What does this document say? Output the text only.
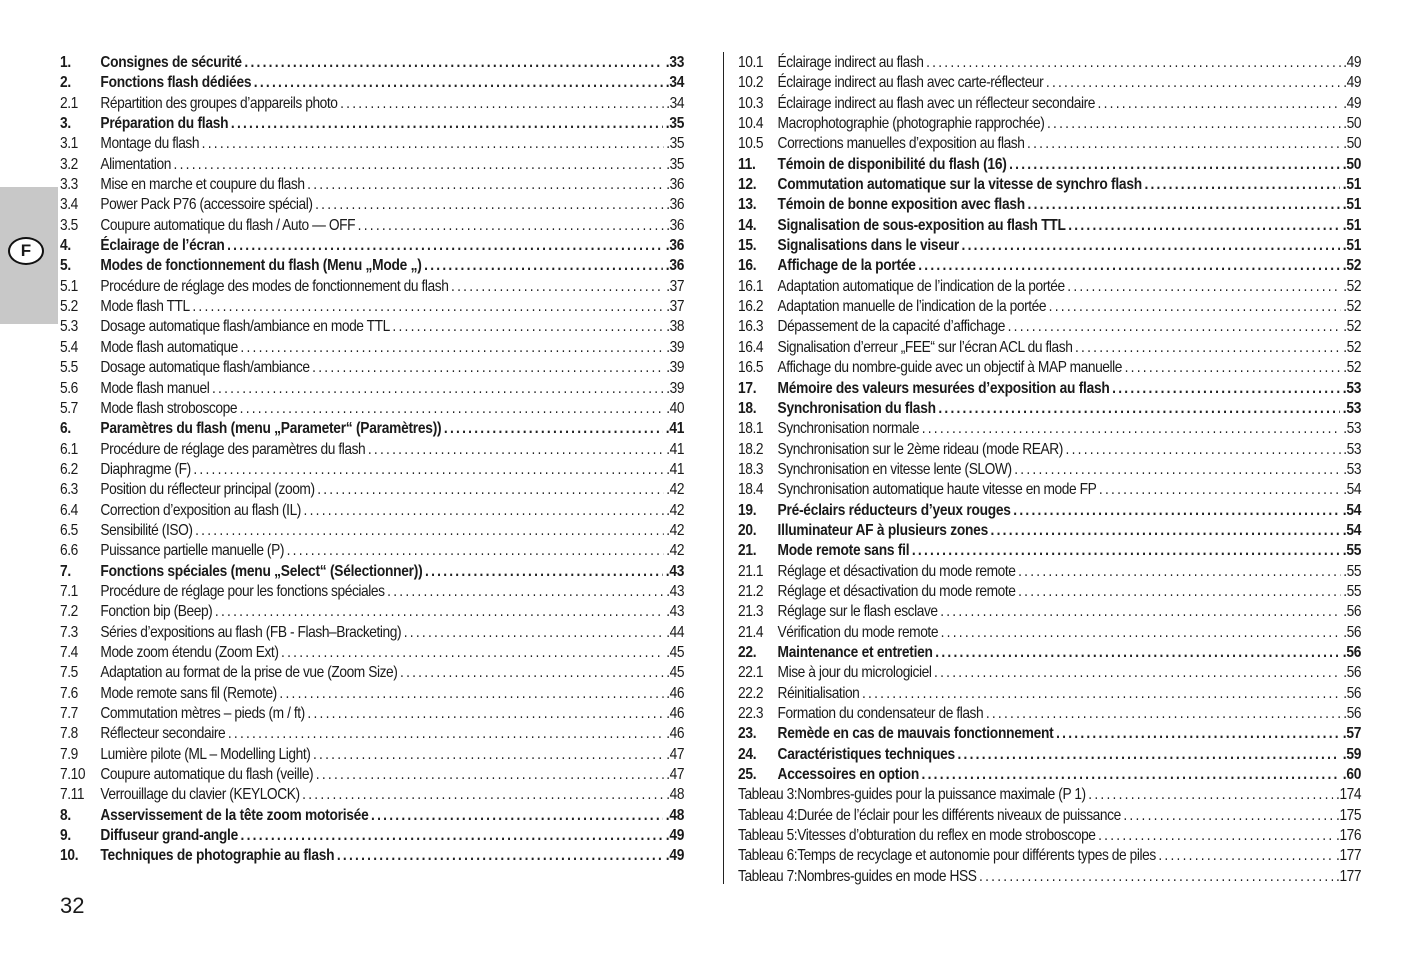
F
1.	Consignes de sécurité .....	.33
2.	Fonctions flash dédiées .....	.34
2.1	Répartition des groupes d’appareils photo .....	.34
3.	Préparation du flash .....	.35
3.1	Montage du flash .....	.35
3.2	Alimentation .....	.35
3.3	Mise en marche et coupure du flash .....	.36
3.4	Power Pack P76 (accessoire spécial) .....	.36
3.5	Coupure automatique du flash / Auto — OFF .....	.36
4.	Éclairage de l’écran .....	.36
5.	Modes de fonctionnement du flash (Menu „Mode „) .....	.36
5.1	Procédure de réglage des modes de fonctionnement du flash .....	.37
5.2	Mode flash TTL .....	.37
5.3	Dosage automatique flash/ambiance en mode TTL .....	.38
5.4	Mode flash automatique .....	.39
5.5	Dosage automatique flash/ambiance .....	.39
5.6	Mode flash manuel .....	.39
5.7	Mode flash stroboscope .....	.40
6.	Paramètres du flash (menu „Parameter“ (Paramètres)) .....	.41
6.1	Procédure de réglage des paramètres du flash .....	.41
6.2	Diaphragme (F) .....	.41
6.3	Position du réflecteur principal (zoom) .....	.42
6.4	Correction d’exposition au flash (IL) .....	.42
6.5	Sensibilité (ISO) .....	.42
6.6	Puissance partielle manuelle (P) .....	.42
7.	Fonctions spéciales (menu „Select“ (Sélectionner)) .....	.43
7.1	Procédure de réglage pour les fonctions spéciales .....	.43
7.2	Fonction bip (Beep) .....	.43
7.3	Séries d’expositions au flash (FB - Flash–Bracketing) .....	.44
7.4	Mode zoom étendu (Zoom Ext) .....	.45
7.5	Adaptation au format de la prise de vue (Zoom Size) .....	.45
7.6	Mode remote sans fil (Remote) .....	.46
7.7	Commutation mètres – pieds (m / ft) .....	.46
7.8	Réflecteur secondaire .....	.46
7.9	Lumière pilote (ML – Modelling Light) .....	.47
7.10 Coupure automatique du flash (veille) .....	.47
7.11	Verrouillage du clavier (KEYLOCK) .....	.48
8.	Asservissement de la tête zoom motorisée .....	.48
9.	Diffuseur grand-angle .....	.49
10.	Techniques de photographie au flash .....	.49
10.1 Éclairage indirect au flash .....	.49
10.2 Éclairage indirect au flash avec carte-réflecteur .....	.49
10.3 Éclairage indirect au flash avec un réflecteur secondaire .....	.49
10.4 Macrophotographie (photographie rapprochée) .....	.50
10.5 Corrections manuelles d’exposition au flash .....	.50
11.	Témoin de disponibilité du flash (16) .....	.50
12.	Commutation automatique sur la vitesse de synchro flash .....	.51
13.	Témoin de bonne exposition avec flash .....	.51
14.	Signalisation de sous-exposition au flash TTL .....	.51
15.	Signalisations dans le viseur .....	.51
16.	Affichage de la portée .....	.52
16.1 Adaptation automatique de l’indication de la portée .....	.52
16.2 Adaptation manuelle de l’indication de la portée .....	.52
16.3 Dépassement de la capacité d’affichage .....	.52
16.4 Signalisation d’erreur „FEE“ sur l’écran ACL du flash .....	.52
16.5 Affichage du nombre-guide avec un objectif à MAP manuelle .....	.52
17.	Mémoire des valeurs mesurées d’exposition au flash .....	.53
18.	Synchronisation du flash .....	.53
18.1 Synchronisation normale .....	.53
18.2 Synchronisation sur le 2ème rideau (mode REAR) .....	.53
18.3 Synchronisation en vitesse lente (SLOW) .....	.53
18.4 Synchronisation automatique haute vitesse en mode FP .....	.54
19.	Pré-éclairs réducteurs d’yeux rouges .....	.54
20.	Illuminateur AF à plusieurs zones .....	.54
21.	Mode remote sans fil .....	.55
21.1 Réglage et désactivation du mode remote .....	.55
21.2 Réglage et désactivation du mode remote .....	.55
21.3 Réglage sur le flash esclave .....	.56
21.4 Vérification du mode remote .....	.56
22.	Maintenance et entretien .....	.56
22.1 Mise à jour du micrologiciel .....	.56
22.2 Réinitialisation .....	.56
22.3 Formation du condensateur de flash .....	.56
23.	Remède en cas de mauvais fonctionnement .....	.57
24.	Caractéristiques techniques .....	.59
25.	Accessoires en option .....	.60
Tableau 3:Nombres-guides pour la puissance maximale (P 1) .....	.174
Tableau 4:Durée de l’éclair pour les différents niveaux de puissance .....	.175
Tableau 5:Vitesses d’obturation du reflex en mode stroboscope .....	.176
Tableau 6:Temps de recyclage et autonomie pour différents types de piles .....	.177
Tableau 7:Nombres-guides en mode HSS .....	.177
32
